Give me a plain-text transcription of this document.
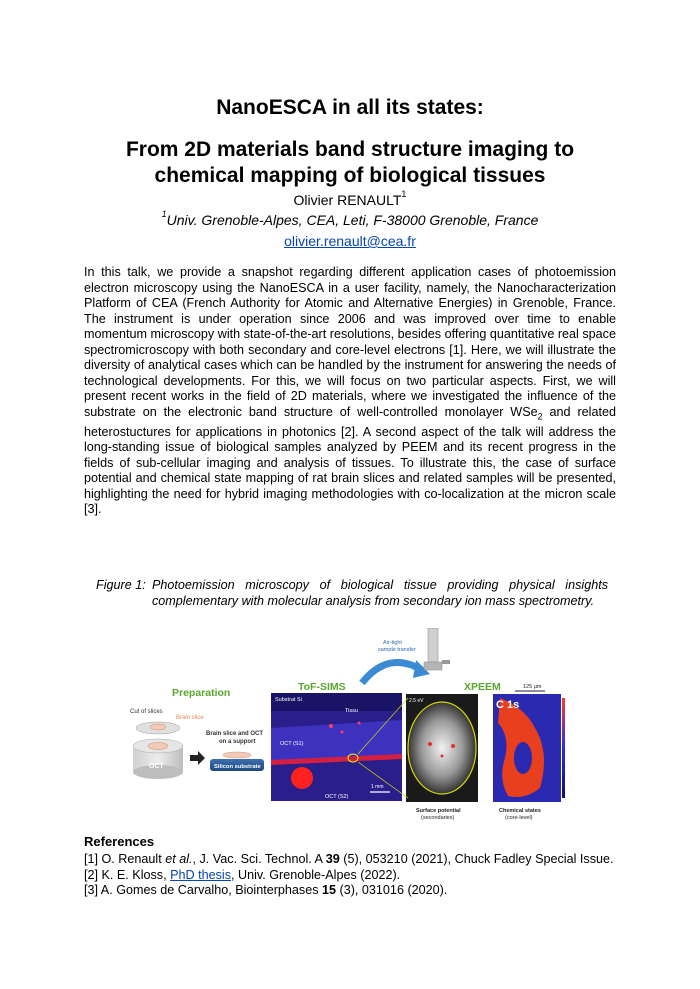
NanoESCA in all its states:
From 2D materials band structure imaging to
chemical mapping of biological tissues
Olivier RENAULT$^1$
$^1$Univ. Grenoble-Alpes, CEA, Leti, F-38000 Grenoble, France
olivier.renault@cea.fr
In this talk, we provide a snapshot regarding different application cases of photoemission electron microscopy using the NanoESCA in a user facility, namely, the Nanocharacterization Platform of CEA (French Authority for Atomic and Alternative Energies) in Grenoble, France. The instrument is under operation since 2006 and was improved over time to enable momentum microscopy with state-of-the-art resolutions, besides offering quantitative real space spectromicroscopy with both secondary and core-level electrons [1]. Here, we will illustrate the diversity of analytical cases which can be handled by the instrument for answering the needs of technological developments. For this, we will focus on two particular aspects. First, we will present recent works in the field of 2D materials, where we investigated the influence of the substrate on the electronic band structure of well-controlled monolayer WSe$_2$ and related heterostuctures for applications in photonics [2]. A second aspect of the talk will address the long-standing issue of biological samples analyzed by PEEM and its recent progress in the fields of sub-cellular imaging and analysis of tissues. To illustrate this, the case of surface potential and chemical state mapping of rat brain slices and related samples will be presented, highlighting the need for hybrid imaging methodologies with co-localization at the micron scale [3].
Figure 1: Photoemission microscopy of biological tissue providing physical insights complementary with molecular analysis from secondary ion mass spectrometry.
Preparation
Cut of slices
Brain slice
OCT
Brain slice and OCT
on a support
Silicon substrate
ToF-SIMS
Substrat Si
Tissu
OCT (S1)
OCT (S2)
1 mm
Air-tight
sample transfer
XPEEM
2.5 eV
Surface potential
(secondaries)
125 µm
C 1s
Chemical states
(core-level)
References
[1] O. Renault et al., J. Vac. Sci. Technol. A 39 (5), 053210 (2021), Chuck Fadley Special Issue.
[2] K. E. Kloss, PhD thesis, Univ. Grenoble-Alpes (2022).
[3] A. Gomes de Carvalho, Biointerphases 15 (3), 031016 (2020).
